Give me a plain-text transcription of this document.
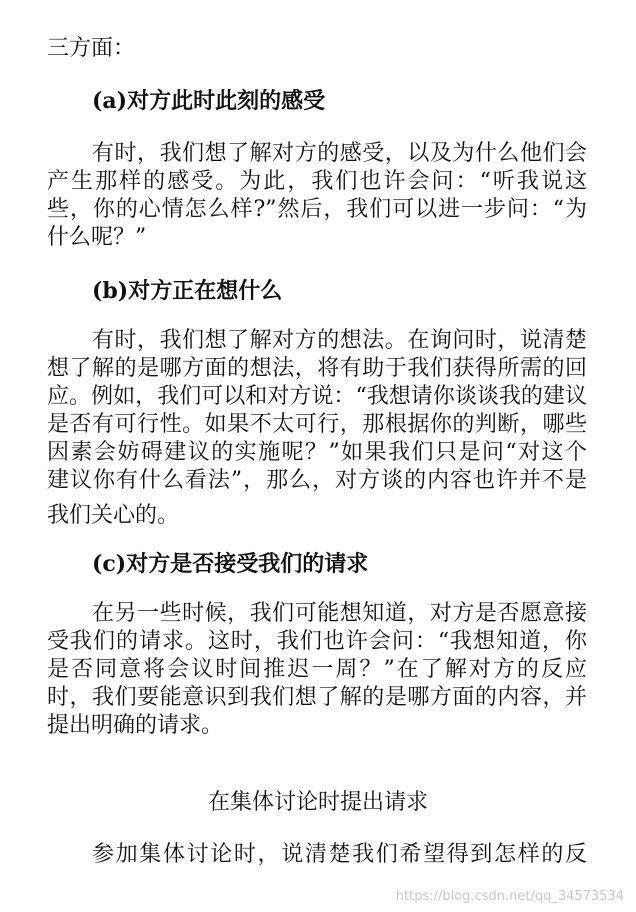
三方面：
(a)对方此时此刻的感受
有时，我们想了解对方的感受，以及为什么他们会
产生那样的感受。为此，我们也许会问：“听我说这
些，你的心情怎么样?”然后，我们可以进一步问：“为
什么呢？”
(b)对方正在想什么
有时，我们想了解对方的想法。在询问时，说清楚
想了解的是哪方面的想法，将有助于我们获得所需的回
应。例如，我们可以和对方说：“我想请你谈谈我的建议
是否有可行性。如果不太可行，那根据你的判断，哪些
因素会妨碍建议的实施呢？”如果我们只是问“对这个
建议你有什么看法”，那么，对方谈的内容也许并不是
我们关心的。
(c)对方是否接受我们的请求
在另一些时候，我们可能想知道，对方是否愿意接
受我们的请求。这时，我们也许会问：“我想知道，你
是否同意将会议时间推迟一周？”在了解对方的反应
时，我们要能意识到我们想了解的是哪方面的内容，并
提出明确的请求。
在集体讨论时提出请求
参加集体讨论时，说清楚我们希望得到怎样的反
https://blog.csdn.net/qq_34573534
